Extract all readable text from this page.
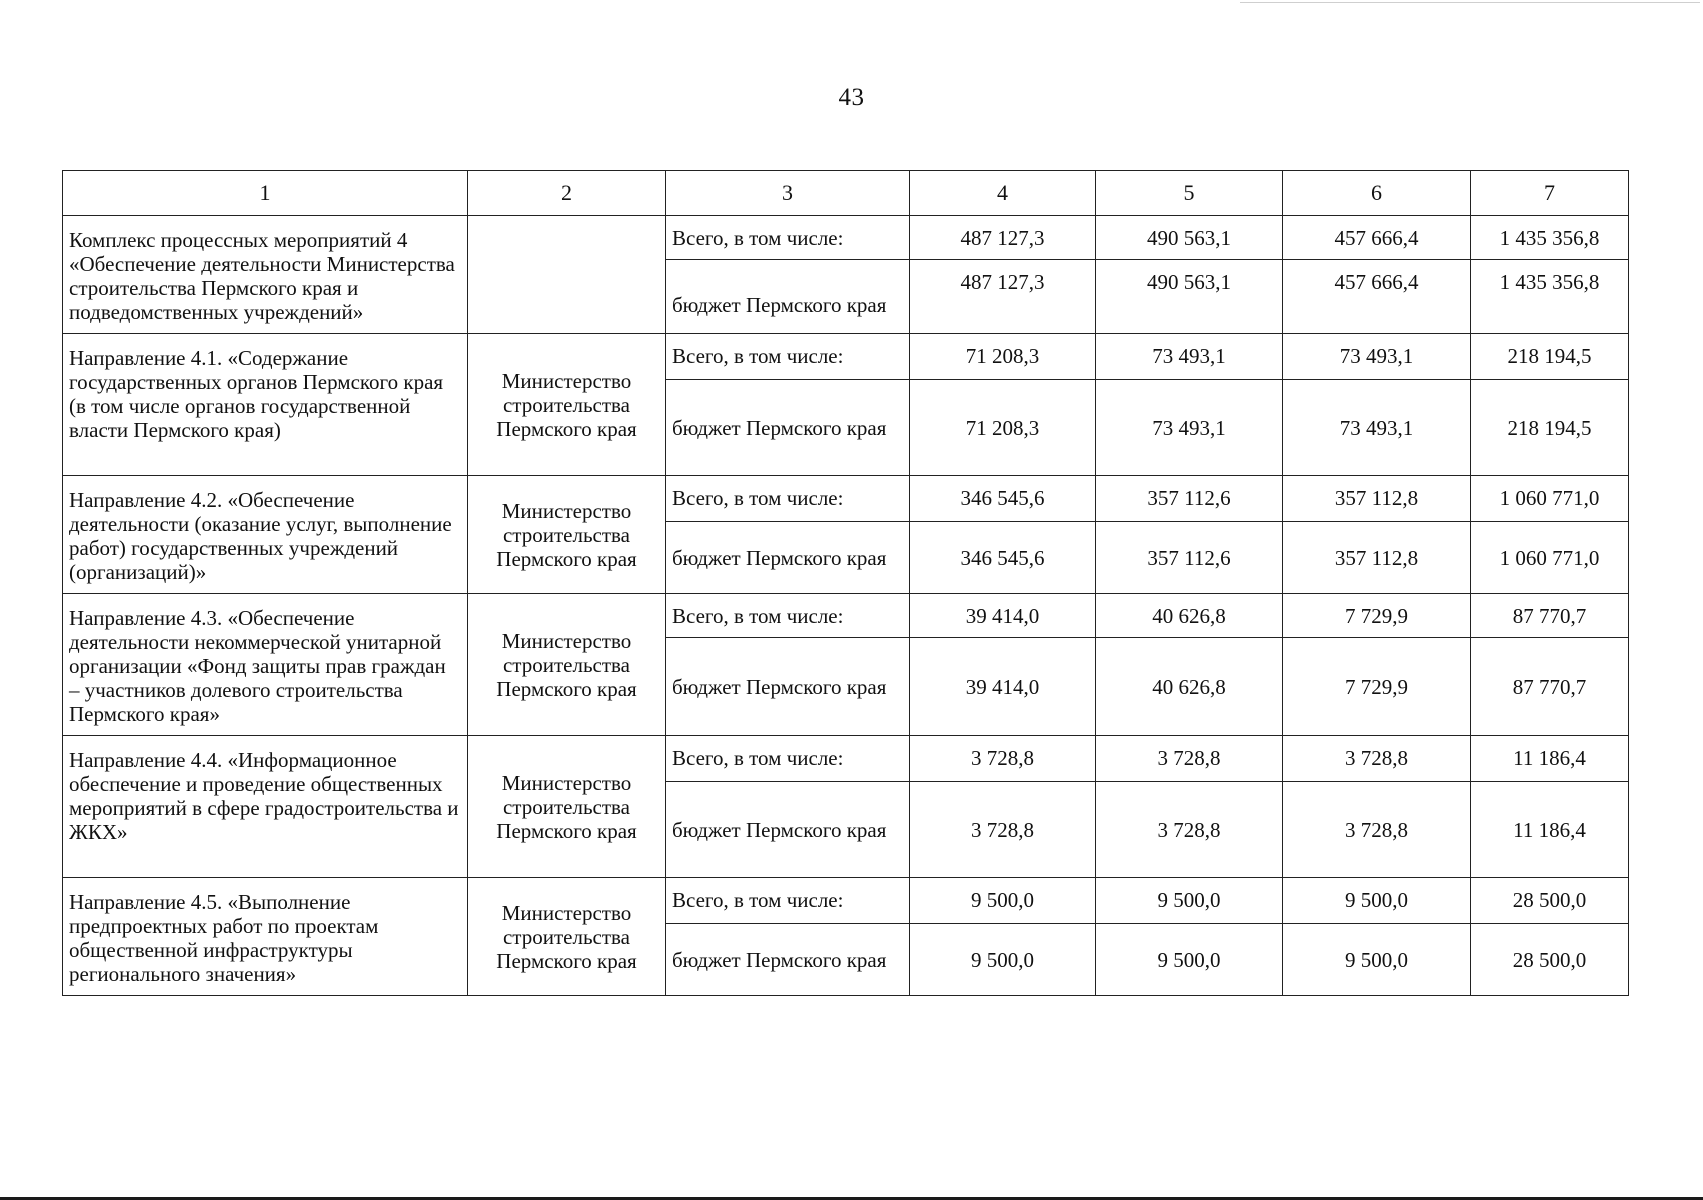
43
1	2	3	4	5	6	7
Комплекс процессных мероприятий 4 «Обеспечение деятельности Министерства строительства Пермского края и подведомственных учреждений»		Всего, в том числе:	487 127,3	490 563,1	457 666,4	1 435 356,8
		бюджет Пермского края	487 127,3	490 563,1	457 666,4	1 435 356,8
Направление 4.1. «Содержание государственных органов Пермского края (в том числе органов государственной власти Пермского края)	Министерство строительства Пермского края	Всего, в том числе:	71 208,3	73 493,1	73 493,1	218 194,5
		бюджет Пермского края	71 208,3	73 493,1	73 493,1	218 194,5
Направление 4.2. «Обеспечение деятельности (оказание услуг, выполнение работ) государственных учреждений (организаций)»	Министерство строительства Пермского края	Всего, в том числе:	346 545,6	357 112,6	357 112,8	1 060 771,0
		бюджет Пермского края	346 545,6	357 112,6	357 112,8	1 060 771,0
Направление 4.3. «Обеспечение деятельности некоммерческой унитарной организации «Фонд защиты прав граждан – участников долевого строительства Пермского края»	Министерство строительства Пермского края	Всего, в том числе:	39 414,0	40 626,8	7 729,9	87 770,7
		бюджет Пермского края	39 414,0	40 626,8	7 729,9	87 770,7
Направление 4.4. «Информационное обеспечение и проведение общественных мероприятий в сфере градостроительства и ЖКХ»	Министерство строительства Пермского края	Всего, в том числе:	3 728,8	3 728,8	3 728,8	11 186,4
		бюджет Пермского края	3 728,8	3 728,8	3 728,8	11 186,4
Направление 4.5. «Выполнение предпроектных работ по проектам общественной инфраструктуры регионального значения»	Министерство строительства Пермского края	Всего, в том числе:	9 500,0	9 500,0	9 500,0	28 500,0
		бюджет Пермского края	9 500,0	9 500,0	9 500,0	28 500,0
